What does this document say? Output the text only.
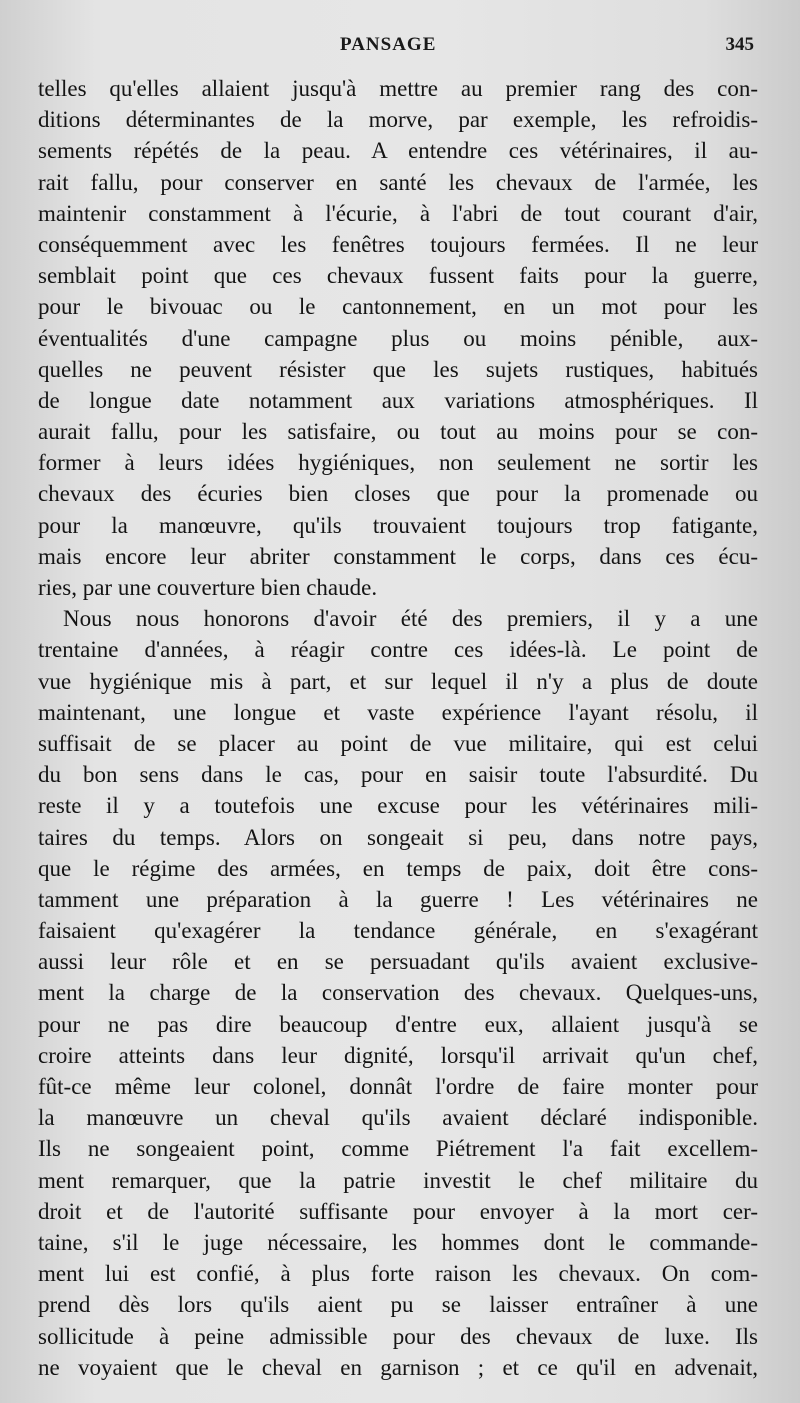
PANSAGE	345
telles qu'elles allaient jusqu'à mettre au premier rang des con-
ditions déterminantes de la morve, par exemple, les refroidis-
sements répétés de la peau. A entendre ces vétérinaires, il au-
rait fallu, pour conserver en santé les chevaux de l'armée, les
maintenir constamment à l'écurie, à l'abri de tout courant d'air,
conséquemment avec les fenêtres toujours fermées. Il ne leur
semblait point que ces chevaux fussent faits pour la guerre,
pour le bivouac ou le cantonnement, en un mot pour les
éventualités d'une campagne plus ou moins pénible, aux-
quelles ne peuvent résister que les sujets rustiques, habitués
de longue date notamment aux variations atmosphériques. Il
aurait fallu, pour les satisfaire, ou tout au moins pour se con-
former à leurs idées hygiéniques, non seulement ne sortir les
chevaux des écuries bien closes que pour la promenade ou
pour la manœuvre, qu'ils trouvaient toujours trop fatigante,
mais encore leur abriter constamment le corps, dans ces écu-
ries, par une couverture bien chaude.
Nous nous honorons d'avoir été des premiers, il y a une
trentaine d'années, à réagir contre ces idées-là. Le point de
vue hygiénique mis à part, et sur lequel il n'y a plus de doute
maintenant, une longue et vaste expérience l'ayant résolu, il
suffisait de se placer au point de vue militaire, qui est celui
du bon sens dans le cas, pour en saisir toute l'absurdité. Du
reste il y a toutefois une excuse pour les vétérinaires mili-
taires du temps. Alors on songeait si peu, dans notre pays,
que le régime des armées, en temps de paix, doit être cons-
tamment une préparation à la guerre ! Les vétérinaires ne
faisaient qu'exagérer la tendance générale, en s'exagérant
aussi leur rôle et en se persuadant qu'ils avaient exclusive-
ment la charge de la conservation des chevaux. Quelques-uns,
pour ne pas dire beaucoup d'entre eux, allaient jusqu'à se
croire atteints dans leur dignité, lorsqu'il arrivait qu'un chef,
fût-ce même leur colonel, donnât l'ordre de faire monter pour
la manœuvre un cheval qu'ils avaient déclaré indisponible.
Ils ne songeaient point, comme Piétrement l'a fait excellem-
ment remarquer, que la patrie investit le chef militaire du
droit et de l'autorité suffisante pour envoyer à la mort cer-
taine, s'il le juge nécessaire, les hommes dont le commande-
ment lui est confié, à plus forte raison les chevaux. On com-
prend dès lors qu'ils aient pu se laisser entraîner à une
sollicitude à peine admissible pour des chevaux de luxe. Ils
ne voyaient que le cheval en garnison ; et ce qu'il en advenait,
